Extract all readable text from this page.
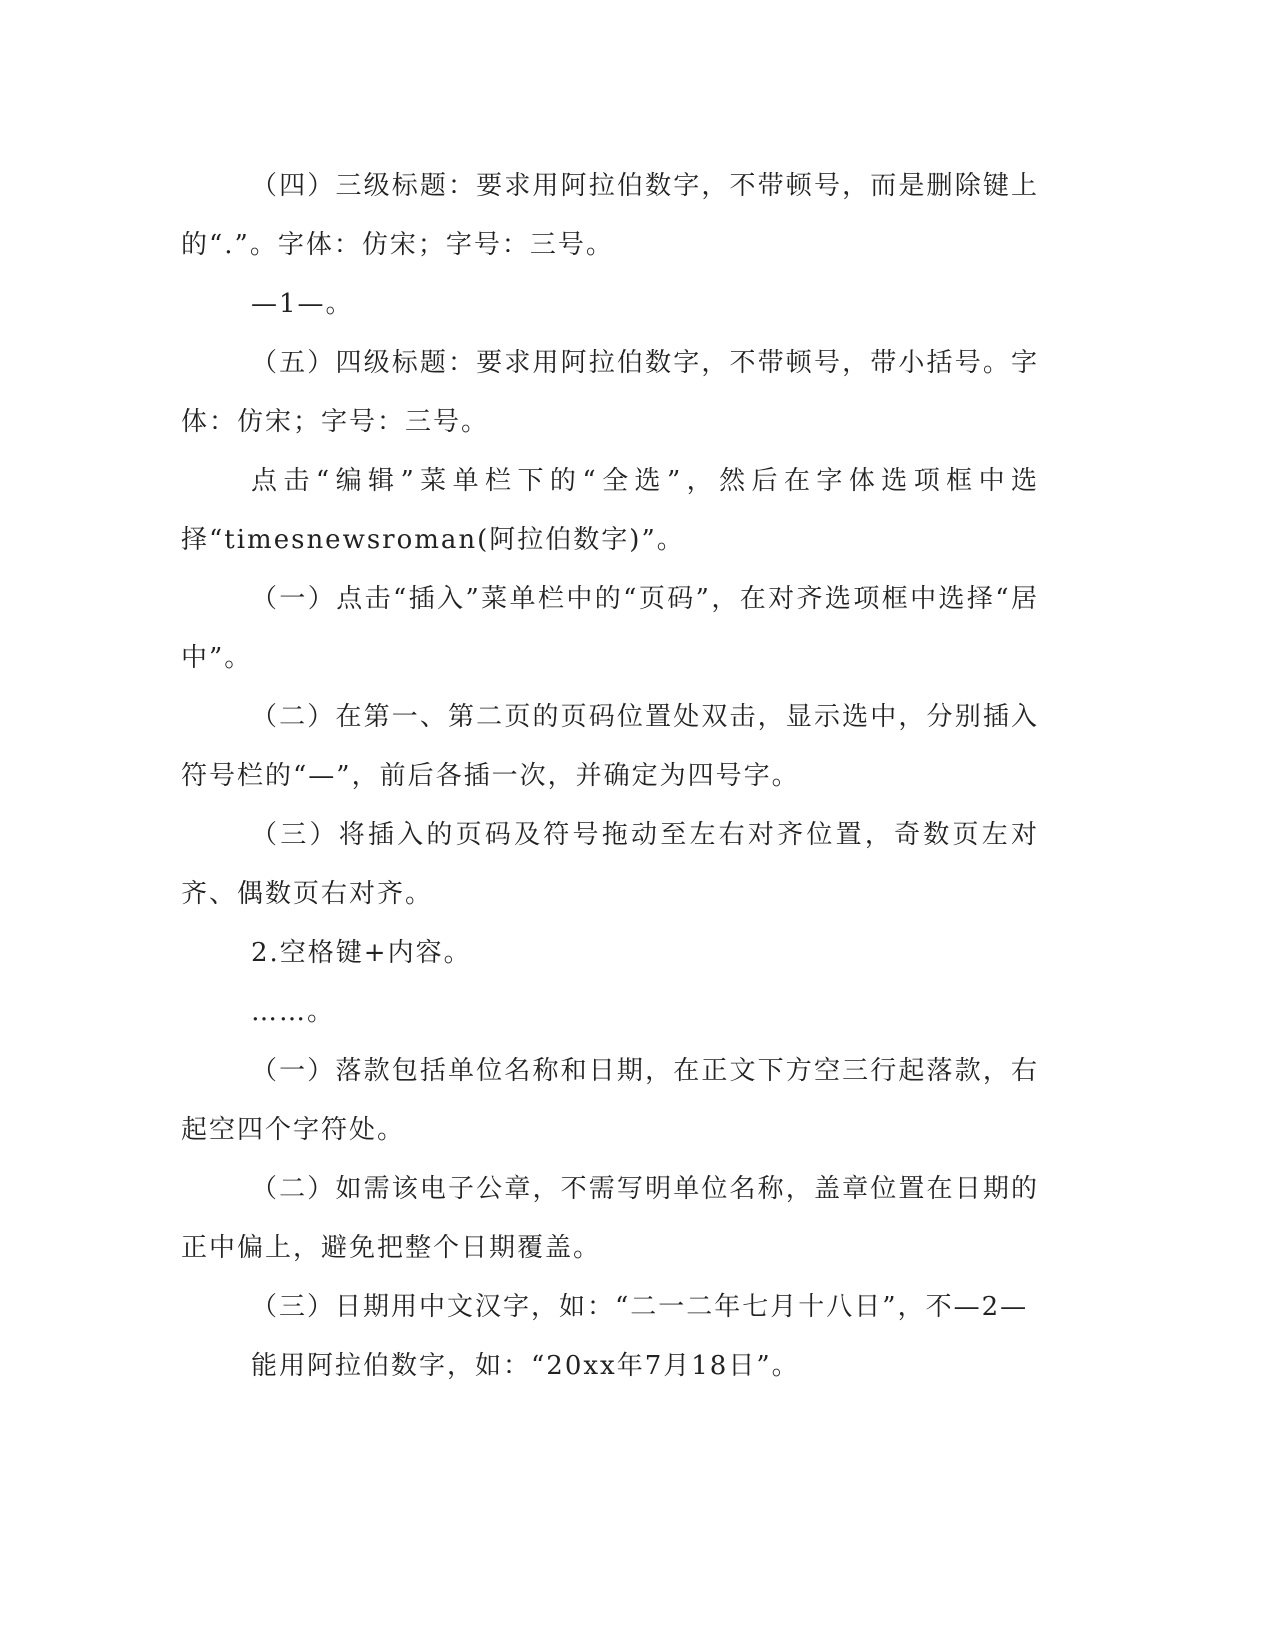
（四）三级标题：要求用阿拉伯数字，不带顿号，而是删除键上的“.”。字体：仿宋；字号：三号。

—1—。

（五）四级标题：要求用阿拉伯数字，不带顿号，带小括号。字体：仿宋；字号：三号。

点击“编辑”菜单栏下的“全选”，然后在字体选项框中选择“timesnewsroman(阿拉伯数字)”。

（一）点击“插入”菜单栏中的“页码”，在对齐选项框中选择“居中”。

（二）在第一、第二页的页码位置处双击，显示选中，分别插入符号栏的“—”，前后各插一次，并确定为四号字。

（三）将插入的页码及符号拖动至左右对齐位置，奇数页左对齐、偶数页右对齐。

2.空格键+内容。

……。

（一）落款包括单位名称和日期，在正文下方空三行起落款，右起空四个字符处。

（二）如需该电子公章，不需写明单位名称，盖章位置在日期的正中偏上，避免把整个日期覆盖。

（三）日期用中文汉字，如：“二一二年七月十八日”，不—2—

能用阿拉伯数字，如：“20xx年7月18日”。
